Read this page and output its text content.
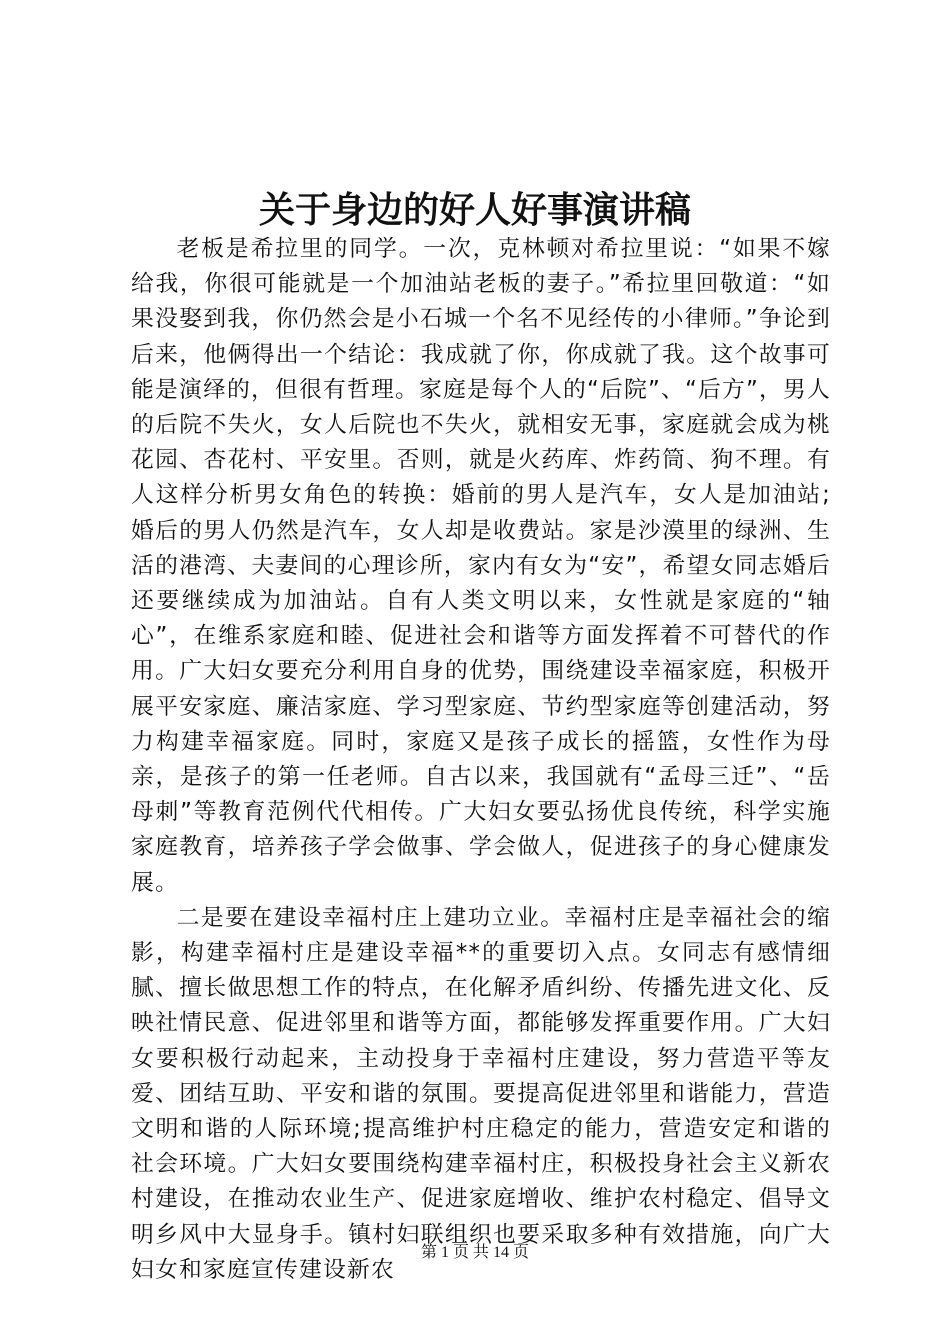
关于身边的好人好事演讲稿

老板是希拉里的同学。一次，克林顿对希拉里说：“如果不嫁给我，你很可能就是一个加油站老板的妻子。”希拉里回敬道：“如果没娶到我，你仍然会是小石城一个名不见经传的小律师。”争论到后来，他俩得出一个结论：我成就了你，你成就了我。这个故事可能是演绎的，但很有哲理。家庭是每个人的“后院”、“后方”，男人的后院不失火，女人后院也不失火，就相安无事，家庭就会成为桃花园、杏花村、平安里。否则，就是火药库、炸药筒、狗不理。有人这样分析男女角色的转换：婚前的男人是汽车，女人是加油站;婚后的男人仍然是汽车，女人却是收费站。家是沙漠里的绿洲、生活的港湾、夫妻间的心理诊所，家内有女为“安”，希望女同志婚后还要继续成为加油站。自有人类文明以来，女性就是家庭的“轴心”，在维系家庭和睦、促进社会和谐等方面发挥着不可替代的作用。广大妇女要充分利用自身的优势，围绕建设幸福家庭，积极开展平安家庭、廉洁家庭、学习型家庭、节约型家庭等创建活动，努力构建幸福家庭。同时，家庭又是孩子成长的摇篮，女性作为母亲，是孩子的第一任老师。自古以来，我国就有“孟母三迁”、“岳母刺”等教育范例代代相传。广大妇女要弘扬优良传统，科学实施家庭教育，培养孩子学会做事、学会做人，促进孩子的身心健康发展。

二是要在建设幸福村庄上建功立业。幸福村庄是幸福社会的缩影，构建幸福村庄是建设幸福**的重要切入点。女同志有感情细腻、擅长做思想工作的特点，在化解矛盾纠纷、传播先进文化、反映社情民意、促进邻里和谐等方面，都能够发挥重要作用。广大妇女要积极行动起来，主动投身于幸福村庄建设，努力营造平等友爱、团结互助、平安和谐的氛围。要提高促进邻里和谐能力，营造文明和谐的人际环境;提高维护村庄稳定的能力，营造安定和谐的社会环境。广大妇女要围绕构建幸福村庄，积极投身社会主义新农村建设，在推动农业生产、促进家庭增收、维护农村稳定、倡导文明乡风中大显身手。镇村妇联组织也要采取多种有效措施，向广大妇女和家庭宣传建设新农

第 1 页 共 14 页
